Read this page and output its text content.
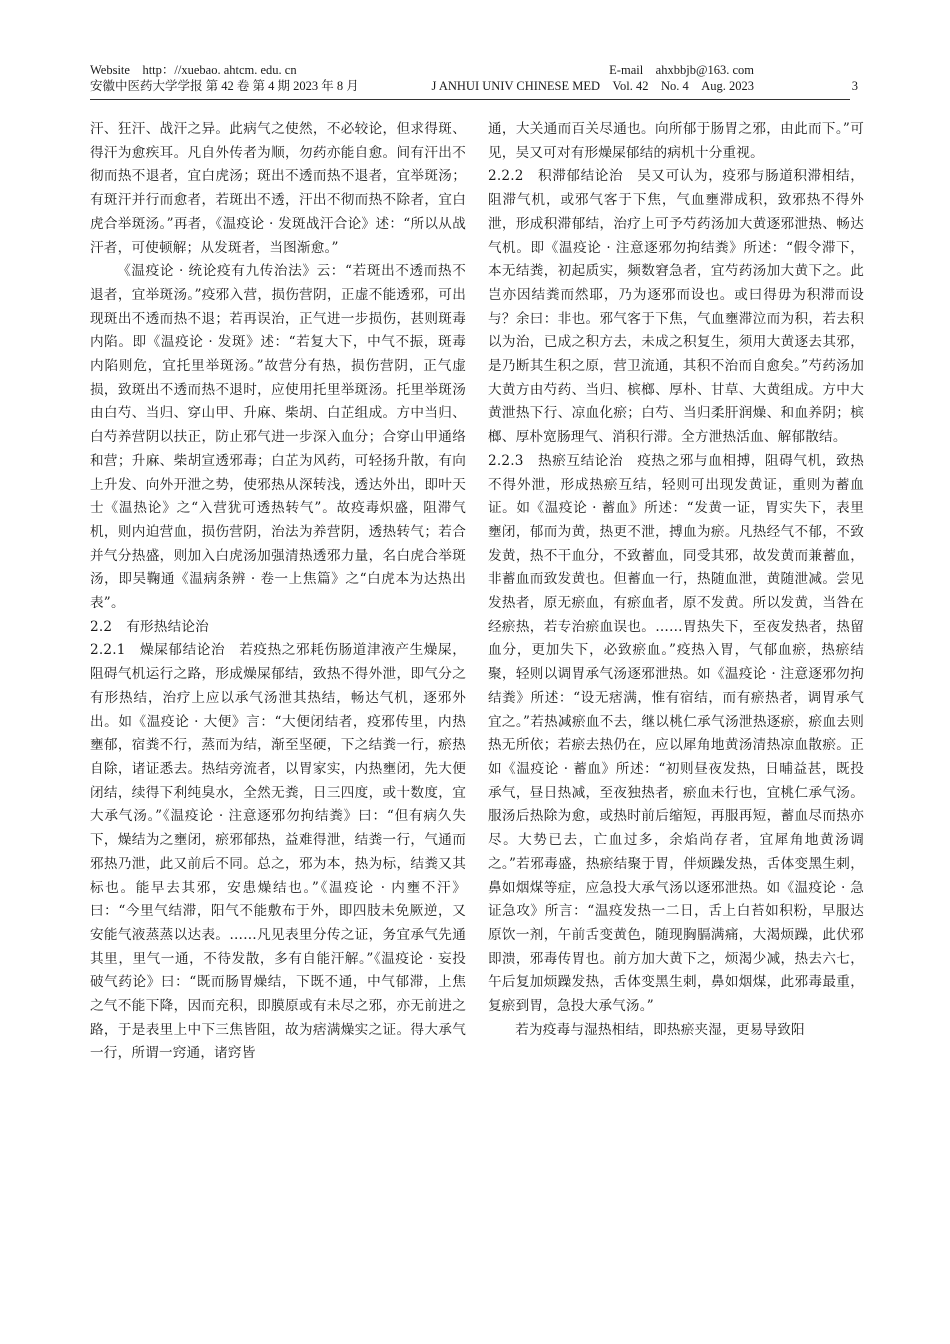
Website　http：//xuebao. ahtcm. edu. cn	E-mail　ahxbbjb@163. com
安徽中医药大学学报 第 42 卷 第 4 期 2023 年 8 月	J ANHUI UNIV CHINESE MED　Vol. 42　No. 4　Aug. 2023	3

汗、狂汗、战汗之异。此病气之使然，不必较论，但求得斑、得汗为愈疾耳。凡自外传者为顺，勿药亦能自愈。间有汗出不彻而热不退者，宜白虎汤；斑出不透而热不退者，宜举斑汤；有斑汗并行而愈者，若斑出不透，汗出不彻而热不除者，宜白虎合举斑汤。”再者，《温疫论 · 发斑战汗合论》述：“所以从战汗者，可使顿解；从发斑者，当图渐愈。”

《温疫论 · 统论疫有九传治法》云：“若斑出不透而热不退者，宜举斑汤。”疫邪入营，损伤营阴，正虚不能透邪，可出现斑出不透而热不退；若再误治，正气进一步损伤，甚则斑毒内陷。即《温疫论 · 发斑》述：“若复大下，中气不振，斑毒内陷则危，宜托里举斑汤。”故营分有热，损伤营阴，正气虚损，致斑出不透而热不退时，应使用托里举斑汤。托里举斑汤由白芍、当归、穿山甲、升麻、柴胡、白芷组成。方中当归、白芍养营阴以扶正，防止邪气进一步深入血分；合穿山甲通络和营；升麻、柴胡宣透邪毒；白芷为风药，可轻扬升散，有向上升发、向外开泄之势，使邪热从深转浅，透达外出，即叶天士《温热论》之“入营犹可透热转气”。故疫毒炽盛，阻滞气机，则内迫营血，损伤营阴，治法为养营阴，透热转气；若合并气分热盛，则加入白虎汤加强清热透邪力量，名白虎合举斑汤，即吴鞠通《温病条辨 · 卷一上焦篇》之“白虎本为达热出表”。

2.2 有形热结论治

2.2.1 燥屎郁结论治 若疫热之邪耗伤肠道津液产生燥屎，阻碍气机运行之路，形成燥屎郁结，致热不得外泄，即气分之有形热结，治疗上应以承气汤泄其热结，畅达气机，逐邪外出。如《温疫论 · 大便》言：“大便闭结者，疫邪传里，内热壅郁，宿粪不行，蒸而为结，渐至坚硬，下之结粪一行，瘀热自除，诸证悉去。热结旁流者，以胃家实，内热壅闭，先大便闭结，续得下利纯臭水，全然无粪，日三四度，或十数度，宜大承气汤。”《温疫论 · 注意逐邪勿拘结粪》曰：“但有病久失下，燥结为之壅闭，瘀邪郁热，益难得泄，结粪一行，气通而邪热乃泄，此又前后不同。总之，邪为本，热为标，结粪又其标也。能早去其邪，安患燥结也。”《温疫论 · 内壅不汗》曰：“今里气结滞，阳气不能敷布于外，即四肢未免厥逆，又安能气液蒸蒸以达表。……凡见表里分传之证，务宜承气先通其里，里气一通，不待发散，多有自能汗解。”《温疫论 · 妄投破气药论》曰：“既而肠胃燥结，下既不通，中气郁滞，上焦之气不能下降，因而充积，即膜原或有未尽之邪，亦无前进之路，于是表里上中下三焦皆阻，故为痞满燥实之证。得大承气一行，所谓一窍通，诸窍皆

通，大关通而百关尽通也。向所郁于肠胃之邪，由此而下。”可见，吴又可对有形燥屎郁结的病机十分重视。

2.2.2 积滞郁结论治 吴又可认为，疫邪与肠道积滞相结，阻滞气机，或邪气客于下焦，气血壅滞成积，致邪热不得外泄，形成积滞郁结，治疗上可予芍药汤加大黄逐邪泄热、畅达气机。即《温疫论 · 注意逐邪勿拘结粪》所述：“假令滞下，本无结粪，初起质实，频数窘急者，宜芍药汤加大黄下之。此岂亦因结粪而然耶，乃为逐邪而设也。或曰得毋为积滞而设与？余曰：非也。邪气客于下焦，气血壅滞泣而为积，若去积以为治，已成之积方去，未成之积复生，须用大黄逐去其邪，是乃断其生积之原，营卫流通，其积不治而自愈矣。”芍药汤加大黄方由芍药、当归、槟榔、厚朴、甘草、大黄组成。方中大黄泄热下行、凉血化瘀；白芍、当归柔肝润燥、和血养阴；槟榔、厚朴宽肠理气、消积行滞。全方泄热活血、解郁散结。

2.2.3 热瘀互结论治 疫热之邪与血相搏，阻碍气机，致热不得外泄，形成热瘀互结，轻则可出现发黄证，重则为蓄血证。如《温疫论 · 蓄血》所述：“发黄一证，胃实失下，表里壅闭，郁而为黄，热更不泄，搏血为瘀。凡热经气不郁，不致发黄，热不干血分，不致蓄血，同受其邪，故发黄而兼蓄血，非蓄血而致发黄也。但蓄血一行，热随血泄，黄随泄减。尝见发热者，原无瘀血，有瘀血者，原不发黄。所以发黄，当咎在经瘀热，若专治瘀血误也。……胃热失下，至夜发热者，热留血分，更加失下，必致瘀血。”疫热入胃，气郁血瘀，热瘀结聚，轻则以调胃承气汤逐邪泄热。如《温疫论 · 注意逐邪勿拘结粪》所述：“设无痞满，惟有宿结，而有瘀热者，调胃承气宜之。”若热减瘀血不去，继以桃仁承气汤泄热逐瘀，瘀血去则热无所依；若瘀去热仍在，应以犀角地黄汤清热凉血散瘀。正如《温疫论 · 蓄血》所述：“初则昼夜发热，日晡益甚，既投承气，昼日热减，至夜独热者，瘀血未行也，宜桃仁承气汤。服汤后热除为愈，或热时前后缩短，再服再短，蓄血尽而热亦尽。大势已去，亡血过多，余焰尚存者，宜犀角地黄汤调之。”若邪毒盛，热瘀结聚于胃，伴烦躁发热，舌体变黑生刺，鼻如烟煤等症，应急投大承气汤以逐邪泄热。如《温疫论 · 急证急攻》所言：“温疫发热一二日，舌上白苔如积粉，早服达原饮一剂，午前舌变黄色，随现胸膈满痛，大渴烦躁，此伏邪即溃，邪毒传胃也。前方加大黄下之，烦渴少减，热去六七，午后复加烦躁发热，舌体变黑生刺，鼻如烟煤，此邪毒最重，复瘀到胃，急投大承气汤。”

若为疫毒与湿热相结，即热瘀夹湿，更易导致阳
